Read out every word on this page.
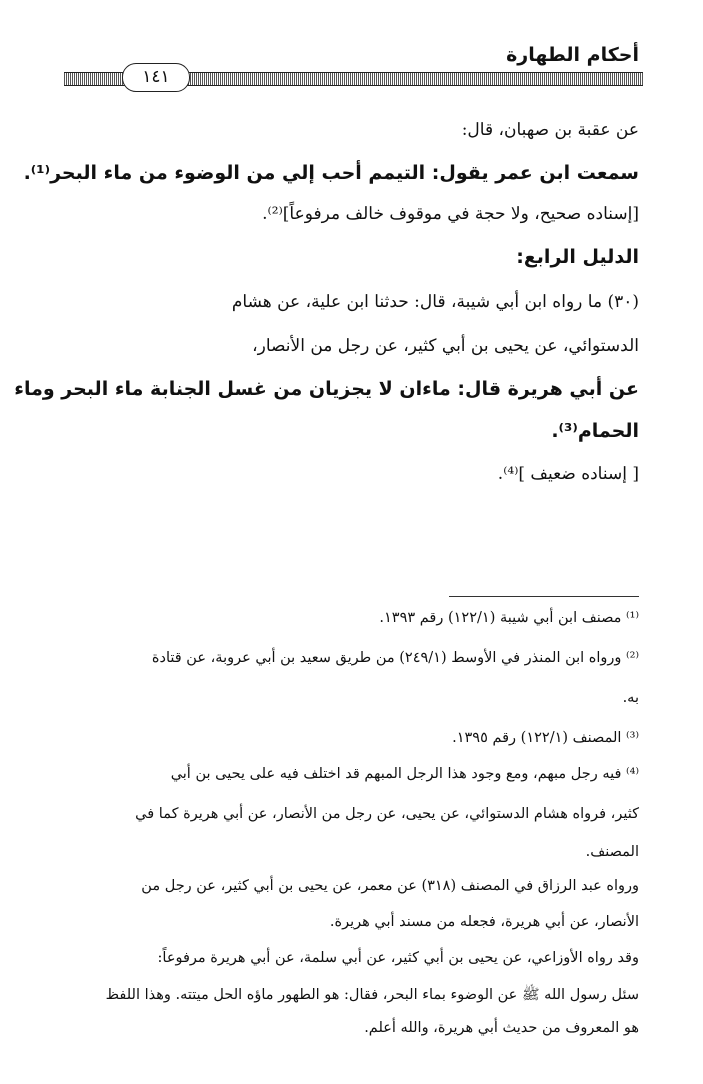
أحكام الطهارة
١٤١
عن عقبة بن صهبان، قال:
سمعت ابن عمر يقول: التيمم أحب إلي من الوضوء من ماء البحر⁽¹⁾.
[إسناده صحيح، ولا حجة في موقوف خالف مرفوعاً]⁽²⁾.
الدليل الرابع:
(٣٠) ما رواه ابن أبي شيبة، قال: حدثنا ابن علية، عن هشام
الدستوائي، عن يحيى بن أبي كثير، عن رجل من الأنصار،
عن أبي هريرة قال: ماءان لا يجزيان من غسل الجنابة ماء البحر وماء
الحمام⁽³⁾.
[ إسناده ضعيف ]⁽⁴⁾.
⁽¹⁾ مصنف ابن أبي شيبة (١٢٢/١) رقم ١٣٩٣.
⁽²⁾ ورواه ابن المنذر في الأوسط (٢٤٩/١) من طريق سعيد بن أبي عروبة، عن قتادة
به.
⁽³⁾ المصنف (١٢٢/١) رقم ١٣٩٥.
⁽⁴⁾ فيه رجل مبهم، ومع وجود هذا الرجل المبهم قد اختلف فيه على يحيى بن أبي
كثير، فرواه هشام الدستوائي، عن يحيى، عن رجل من الأنصار، عن أبي هريرة كما في
المصنف.
ورواه عبد الرزاق في المصنف (٣١٨) عن معمر، عن يحيى بن أبي كثير، عن رجل من
الأنصار، عن أبي هريرة، فجعله من مسند أبي هريرة.
وقد رواه الأوزاعي، عن يحيى بن أبي كثير، عن أبي سلمة، عن أبي هريرة مرفوعاً:
سئل رسول الله ﷺ عن الوضوء بماء البحر، فقال: هو الطهور ماؤه الحل ميتته. وهذا اللفظ
هو المعروف من حديث أبي هريرة، والله أعلم.
